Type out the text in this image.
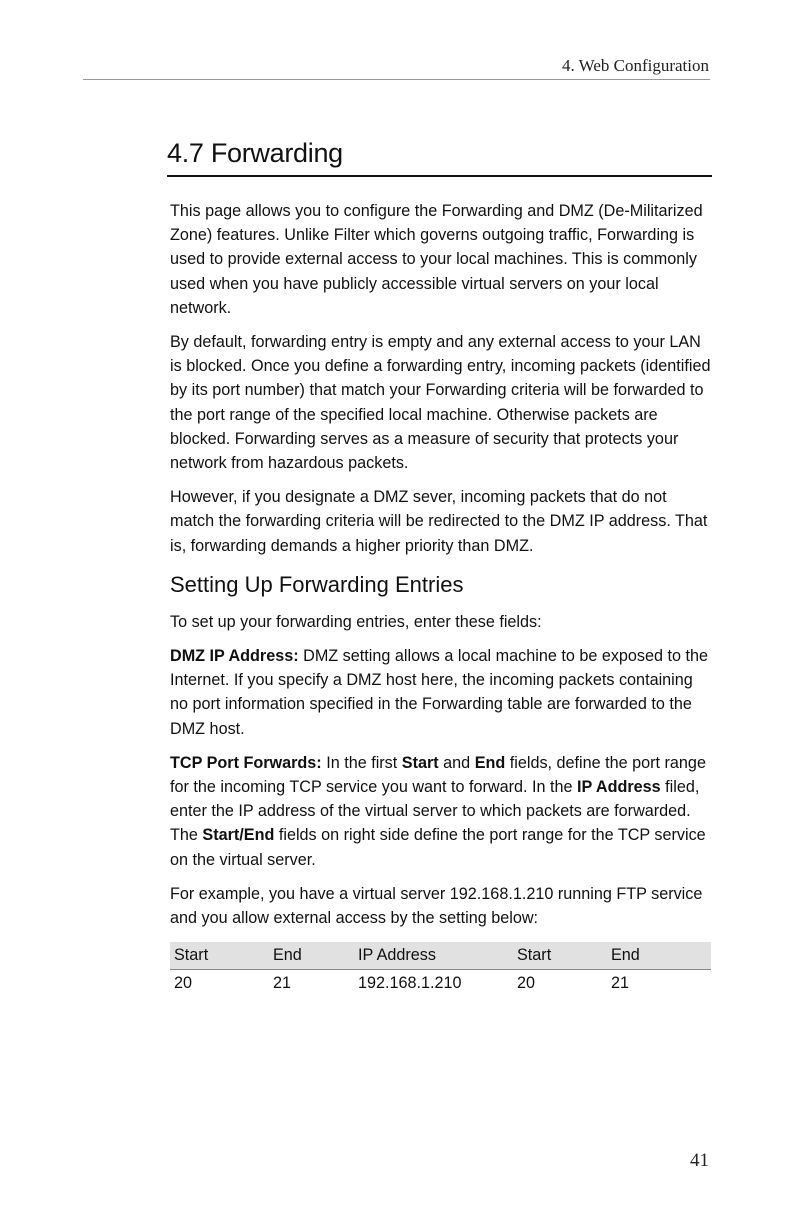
4. Web Configuration
4.7 Forwarding

This page allows you to configure the Forwarding and DMZ (De-Militarized Zone) features. Unlike Filter which governs outgoing traffic, Forwarding is used to provide external access to your local machines. This is commonly used when you have publicly accessible virtual servers on your local network.

By default, forwarding entry is empty and any external access to your LAN is blocked. Once you define a forwarding entry, incoming packets (identified by its port number) that match your Forwarding criteria will be forwarded to the port range of the specified local machine. Otherwise packets are blocked. Forwarding serves as a measure of security that protects your network from hazardous packets.

However, if you designate a DMZ sever, incoming packets that do not match the forwarding criteria will be redirected to the DMZ IP address. That is, forwarding demands a higher priority than DMZ.

Setting Up Forwarding Entries

To set up your forwarding entries, enter these fields:

DMZ IP Address: DMZ setting allows a local machine to be exposed to the Internet. If you specify a DMZ host here, the incoming packets containing no port information specified in the Forwarding table are forwarded to the DMZ host.

TCP Port Forwards: In the first Start and End fields, define the port range for the incoming TCP service you want to forward. In the IP Address filed, enter the IP address of the virtual server to which packets are forwarded. The Start/End fields on right side define the port range for the TCP service on the virtual server.

For example, you have a virtual server 192.168.1.210 running FTP service and you allow external access by the setting below:

Start	End	IP Address	Start	End
20	21	192.168.1.210	20	21
41
